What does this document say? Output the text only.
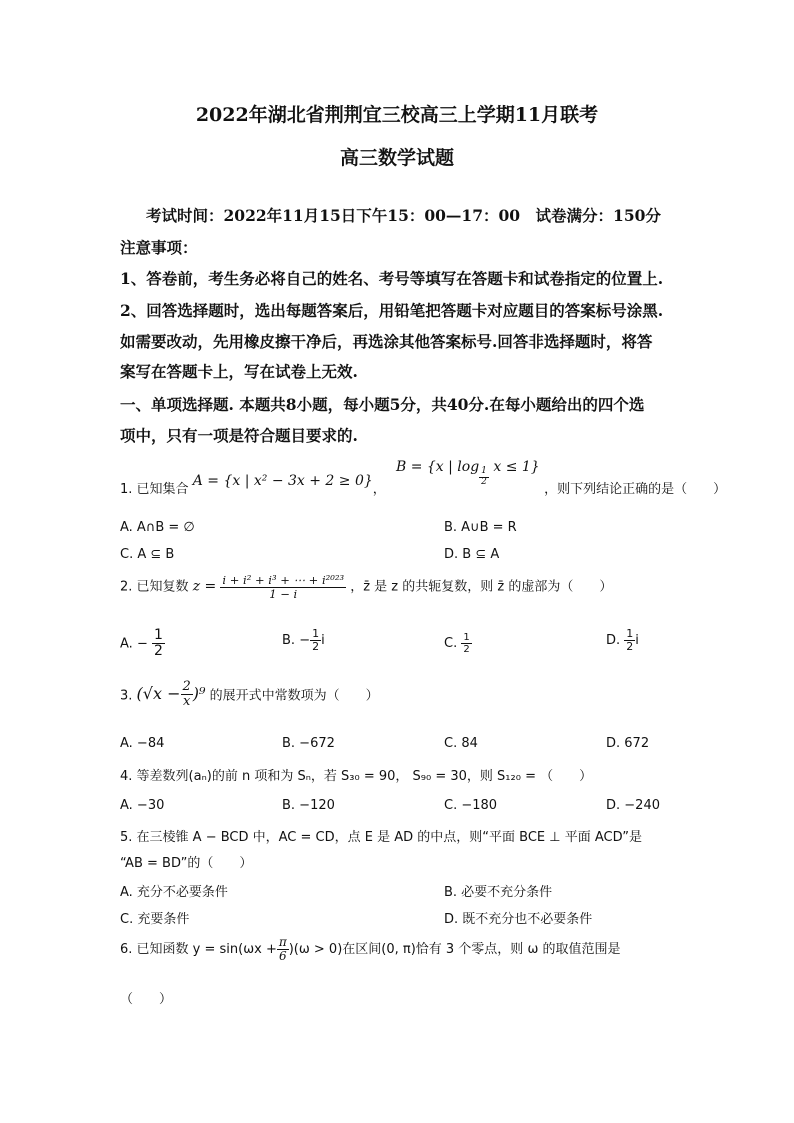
2022年湖北省荆荆宜三校高三上学期11月联考
高三数学试题
考试时间：2022年11月15日下午15：00—17：00　试卷满分：150分
注意事项：
1、答卷前，考生务必将自己的姓名、考号等填写在答题卡和试卷指定的位置上.
2、回答选择题时，选出每题答案后，用铅笔把答题卡对应题目的答案标号涂黑.
如需要改动，先用橡皮擦干净后，再选涂其他答案标号.回答非选择题时，将答
案写在答题卡上，写在试卷上无效.
一、单项选择题. 本题共8小题，每小题5分，共40分.在每小题给出的四个选
项中，只有一项是符合题目要求的.
1. 已知集合 A = {x | x² − 3x + 2 ≥ 0}， B = {x | $\log \frac{1}{2}$ x ≤ 1} ，则下列结论正确的是（　　）
A. A∩B = ∅	B. A∪B = R
C. A ⊆ B	D. B ⊆ A
2. 已知复数 $z = \frac{\text{i + i² + i³ + ⋯ + i²⁰²³}}{1 - i}$ ，z̄ 是 z 的共轭复数，则 z̄ 的虚部为（　　）
A. − $\frac{1}{2}$	B. − $\frac{1}{2}$ i	C. $\frac{1}{2}$	D. $\frac{1}{2}$ i
3. $(√x - \frac{2}{x} )^9$ 的展开式中常数项为（　　）
A. −84	B. −672	C. 84	D. 672
4. 等差数列(aₙ)的前 n 项和为 Sₙ，若 S₃₀ = 90， S₉₀ = 30，则 S₁₂₀ = （　　）
A. −30	B. −120	C. −180	D. −240
5. 在三棱锥 A − BCD 中，AC = CD，点 E 是 AD 的中点，则“平面 BCE ⊥ 平面 ACD”是
“AB = BD”的（　　）
A. 充分不必要条件	B. 必要不充分条件
C. 充要条件	D. 既不充分也不必要条件
6. 已知函数 $y = \sin(\omega x + \frac{\pi}{6} )(\omega > 0)$在区间(0, π)恰有 3 个零点，则 ω 的取值范围是
（　　）
